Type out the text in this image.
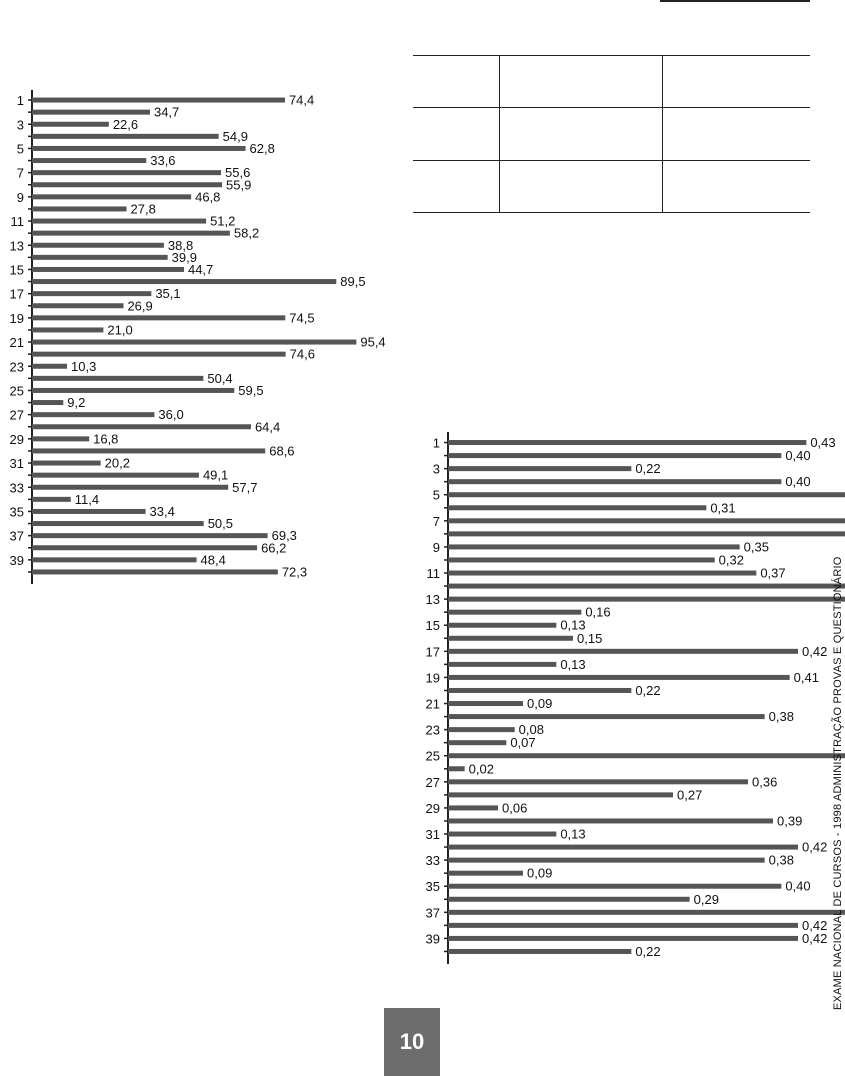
74,4
1
34,7
22,6
3
54,9
62,8
5
33,6
55,6
7
55,9
46,8
9
27,8
51,2
11
58,2
38,8
13
39,9
44,7
15
89,5
35,1
17
26,9
74,5
19
21,0
95,4
21
74,6
10,3
23
50,4
59,5
25
9,2
36,0
27
64,4
16,8
29
68,6
20,2
31
49,1
57,7
33
11,4
33,4
35
50,5
69,3
37
66,2
48,4
39
72,3
0,43
1
0,40
0,22
3
0,40
5
0,31
7
0,35
9
0,32
0,37
11
13
0,16
0,13
15
0,15
0,42
17
0,13
0,41
19
0,22
0,09
21
0,38
0,08
23
0,07
25
0,02
0,36
27
0,27
0,06
29
0,39
0,13
31
0,42
0,38
33
0,09
0,40
35
0,29
37
0,42
0,42
39
0,22	EXAME NACIONAL DE CURSOS - 1998 ADMINISTRAÇÃO PROVAS E QUESTIONÁRIO
10
